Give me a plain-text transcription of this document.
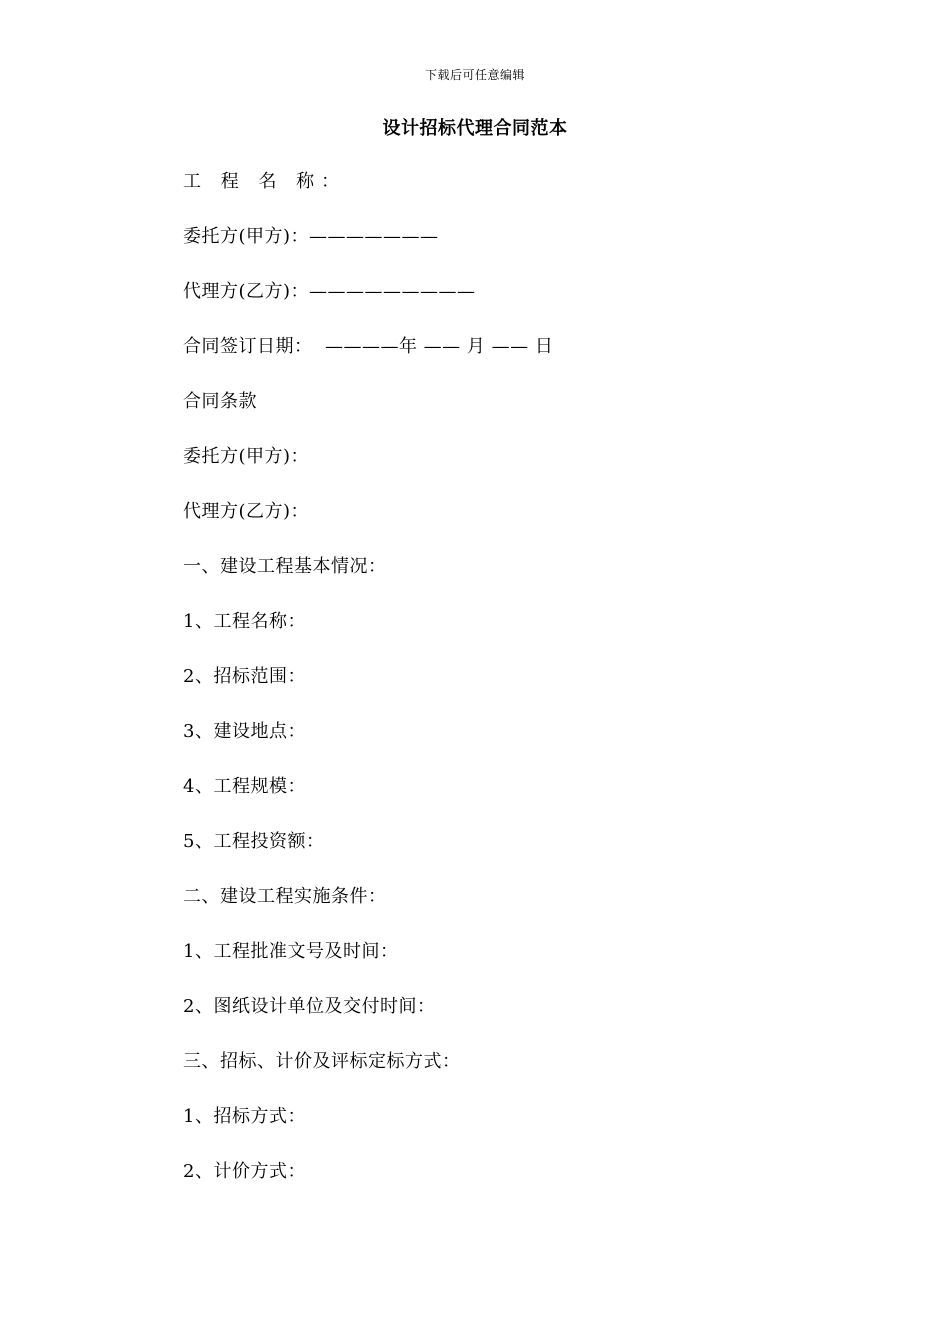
下载后可任意编辑
设计招标代理合同范本
工 程 名 称：
委托方(甲方)：———————
代理方(乙方)：—————————
合同签订日期：  ————年 —— 月 —— 日
合同条款
委托方(甲方)：
代理方(乙方)：
一、建设工程基本情况：
1、工程名称：
2、招标范围：
3、建设地点：
4、工程规模：
5、工程投资额：
二、建设工程实施条件：
1、工程批准文号及时间：
2、图纸设计单位及交付时间：
三、招标、计价及评标定标方式：
1、招标方式：
2、计价方式：
